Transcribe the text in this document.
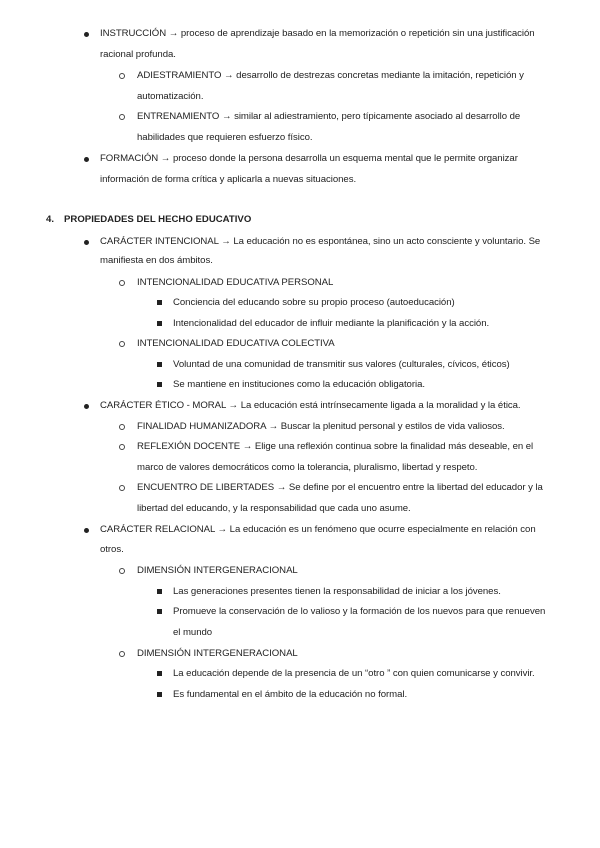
INSTRUCCIÓN → proceso de aprendizaje basado en la memorización o repetición sin una justificación
racional profunda.
ADIESTRAMIENTO → desarrollo de destrezas concretas mediante la imitación, repetición y
automatización.
ENTRENAMIENTO → similar al adiestramiento, pero típicamente asociado al desarrollo de
habilidades que requieren esfuerzo físico.
FORMACIÓN → proceso donde la persona desarrolla un esquema mental que le permite organizar
información de forma crítica y aplicarla a nuevas situaciones.
4. PROPIEDADES DEL HECHO EDUCATIVO
CARÁCTER INTENCIONAL → La educación no es espontánea, sino un acto consciente y voluntario. Se
manifiesta en dos ámbitos.
INTENCIONALIDAD EDUCATIVA PERSONAL
Conciencia del educando sobre su propio proceso (autoeducación)
Intencionalidad del educador de influir mediante la planificación y la acción.
INTENCIONALIDAD EDUCATIVA COLECTIVA
Voluntad de una comunidad de transmitir sus valores (culturales, cívicos, éticos)
Se mantiene en instituciones como la educación obligatoria.
CARÁCTER ÉTICO - MORAL → La educación está intrínsecamente ligada a la moralidad y la ética.
FINALIDAD HUMANIZADORA → Buscar la plenitud personal y estilos de vida valiosos.
REFLEXIÓN DOCENTE → Elige una reflexión continua sobre la finalidad más deseable, en el
marco de valores democráticos como la tolerancia, pluralismo, libertad y respeto.
ENCUENTRO DE LIBERTADES → Se define por el encuentro entre la libertad del educador y la
libertad del educando, y la responsabilidad que cada uno asume.
CARÁCTER RELACIONAL → La educación es un fenómeno que ocurre especialmente en relación con
otros.
DIMENSIÓN INTERGENERACIONAL
Las generaciones presentes tienen la responsabilidad de iniciar a los jóvenes.
Promueve la conservación de lo valioso y la formación de los nuevos para que renueven
el mundo
DIMENSIÓN INTERGENERACIONAL
La educación depende de la presencia de un “otro ” con quien comunicarse y convivir.
Es fundamental en el ámbito de la educación no formal.
